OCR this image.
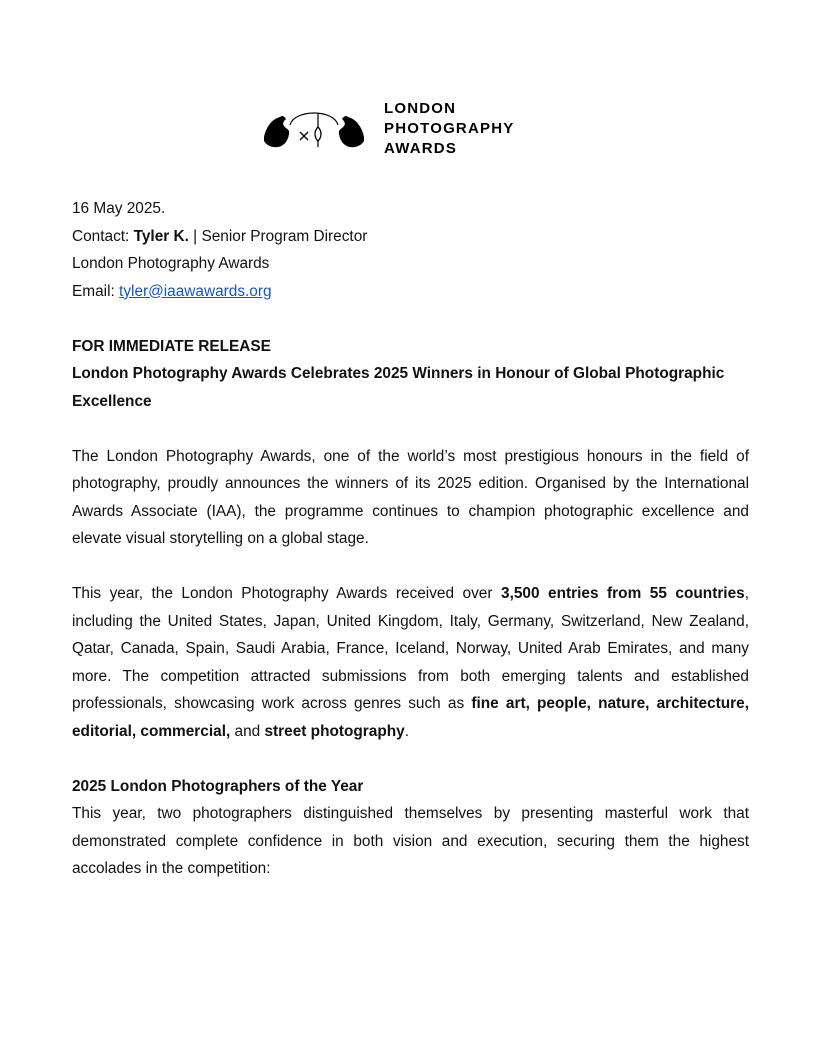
LONDON
PHOTOGRAPHY
AWARDS

16 May 2025.

Contact: Tyler K. | Senior Program Director

London Photography Awards

Email: tyler@iaawawards.org

FOR IMMEDIATE RELEASE

London Photography Awards Celebrates 2025 Winners in Honour of Global Photographic Excellence

The London Photography Awards, one of the world’s most prestigious honours in the field of photography, proudly announces the winners of its 2025 edition. Organised by the International Awards Associate (IAA), the programme continues to champion photographic excellence and elevate visual storytelling on a global stage.

This year, the London Photography Awards received over 3,500 entries from 55 countries, including the United States, Japan, United Kingdom, Italy, Germany, Switzerland, New Zealand, Qatar, Canada, Spain, Saudi Arabia, France, Iceland, Norway, United Arab Emirates, and many more. The competition attracted submissions from both emerging talents and established professionals, showcasing work across genres such as fine art, people, nature, architecture, editorial, commercial, and street photography.

2025 London Photographers of the Year

This year, two photographers distinguished themselves by presenting masterful work that demonstrated complete confidence in both vision and execution, securing them the highest accolades in the competition:
